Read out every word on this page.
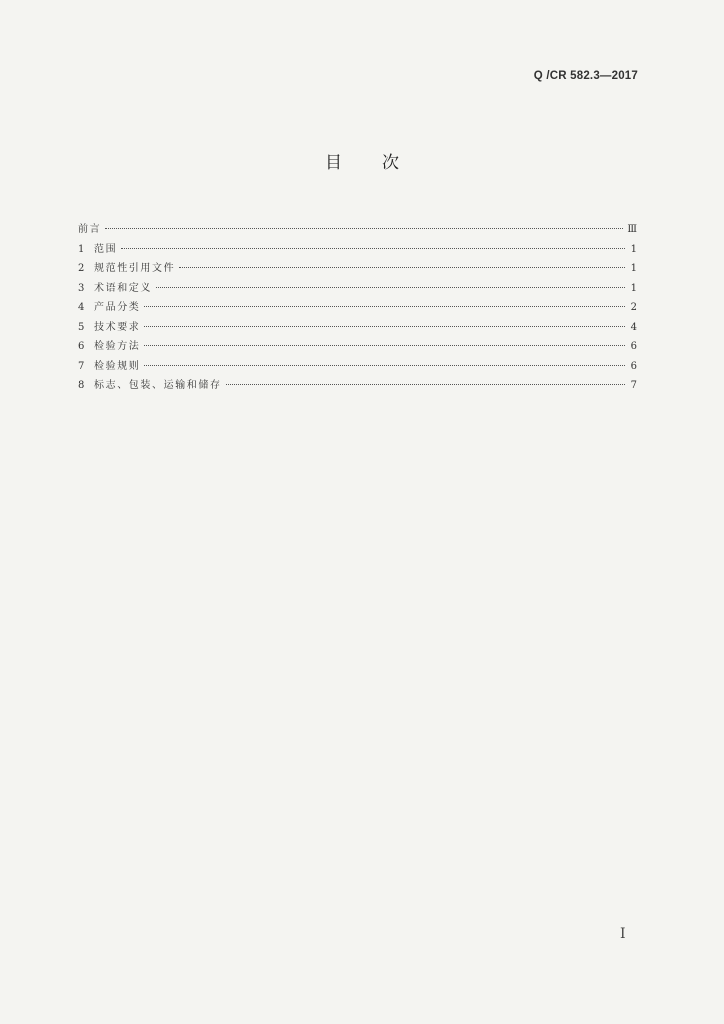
Q /CR 582.3—2017
目次
前言	Ⅲ
1 范围	1
2 规范性引用文件	1
3 术语和定义	1
4 产品分类	2
5 技术要求	4
6 检验方法	6
7 检验规则	6
8 标志、包装、运输和储存	7
I
